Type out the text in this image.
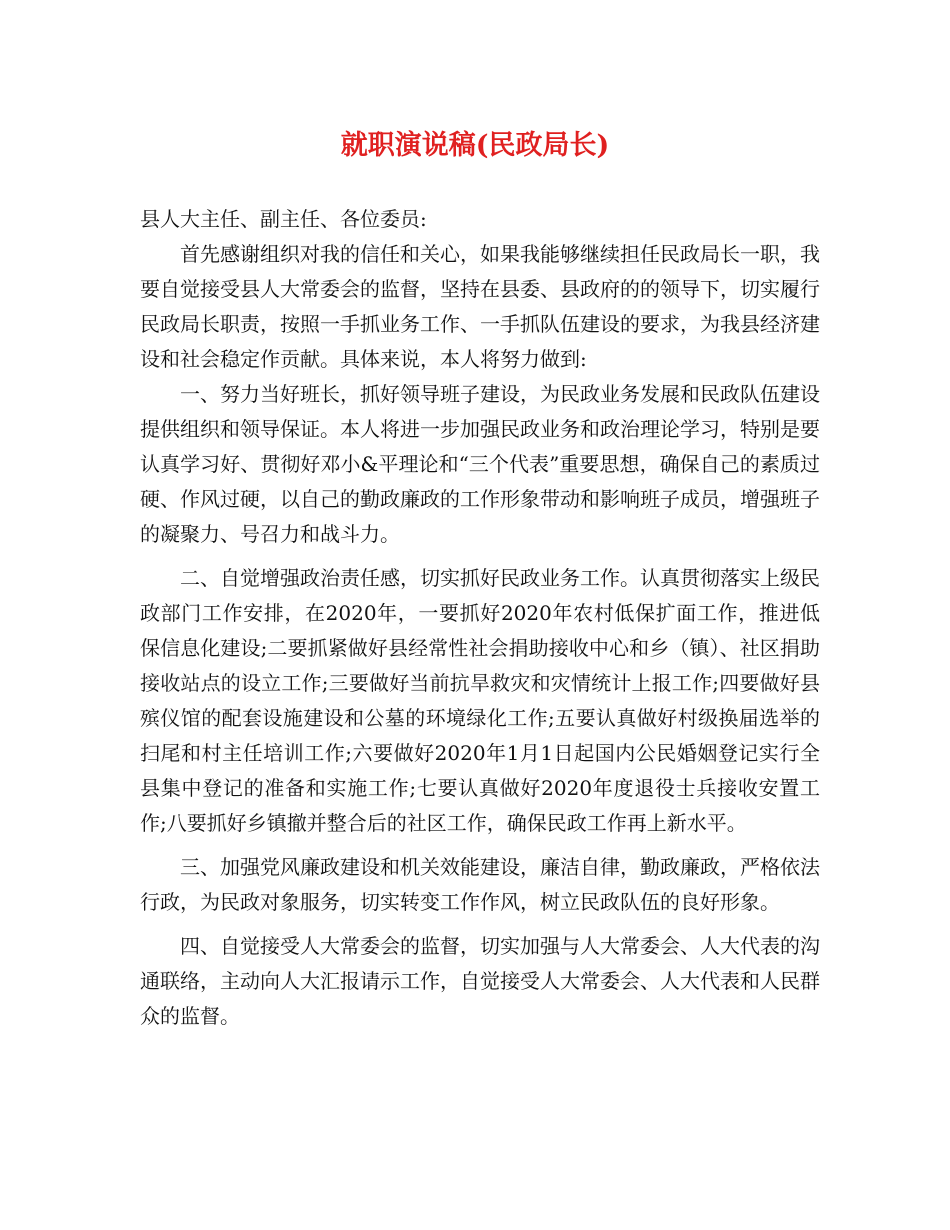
就职演说稿(民政局长)

县人大主任、副主任、各位委员:

首先感谢组织对我的信任和关心，如果我能够继续担任民政局长一职，我要自觉接受县人大常委会的监督，坚持在县委、县政府的的领导下，切实履行民政局长职责，按照一手抓业务工作、一手抓队伍建设的要求，为我县经济建设和社会稳定作贡献。具体来说，本人将努力做到:

一、努力当好班长，抓好领导班子建设，为民政业务发展和民政队伍建设提供组织和领导保证。本人将进一步加强民政业务和政治理论学习，特别是要认真学习好、贯彻好邓小&平理论和“三个代表”重要思想，确保自己的素质过硬、作风过硬，以自己的勤政廉政的工作形象带动和影响班子成员，增强班子的凝聚力、号召力和战斗力。

二、自觉增强政治责任感，切实抓好民政业务工作。认真贯彻落实上级民政部门工作安排，在2020年，一要抓好2020年农村低保扩面工作，推进低保信息化建设;二要抓紧做好县经常性社会捐助接收中心和乡（镇）、社区捐助接收站点的设立工作;三要做好当前抗旱救灾和灾情统计上报工作;四要做好县殡仪馆的配套设施建设和公墓的环境绿化工作;五要认真做好村级换届选举的扫尾和村主任培训工作;六要做好2020年1月1日起国内公民婚姻登记实行全县集中登记的准备和实施工作;七要认真做好2020年度退役士兵接收安置工作;八要抓好乡镇撤并整合后的社区工作，确保民政工作再上新水平。

三、加强党风廉政建设和机关效能建设，廉洁自律，勤政廉政，严格依法行政，为民政对象服务，切实转变工作作风，树立民政队伍的良好形象。

四、自觉接受人大常委会的监督，切实加强与人大常委会、人大代表的沟通联络，主动向人大汇报请示工作，自觉接受人大常委会、人大代表和人民群众的监督。
